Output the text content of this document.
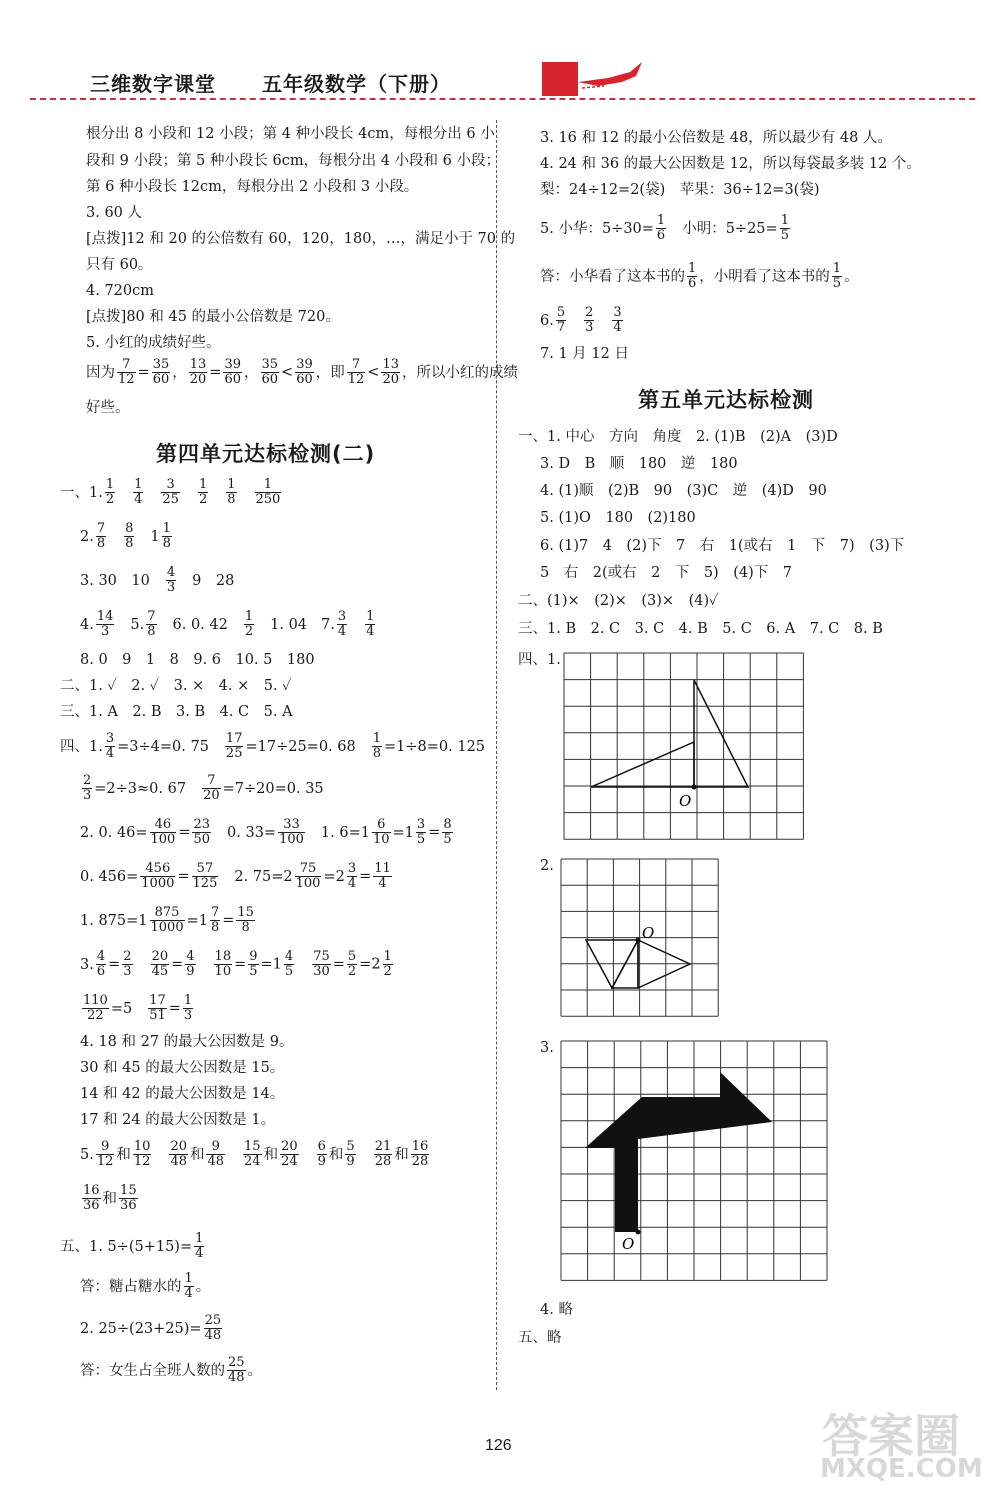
三维数字课堂 五年级数学（下册）
根分出 8 小段和 12 小段；第 4 种小段长 4cm，每根分出 6 小
段和 9 小段；第 5 种小段长 6cm，每根分出 4 小段和 6 小段；
第 6 种小段长 12cm，每根分出 2 小段和 3 小段。
3. 60 人
[点拨]12 和 20 的公倍数有 60，120，180，…，满足小于 70 的
只有 60。
4. 720cm
[点拨]80 和 45 的最小公倍数是 720。
5. 小红的成绩好些。
因为 $\frac{7}{12} = \frac{35}{60}$ ， $\frac{13}{20} = \frac{39}{60}$ ， $\frac{35}{60} < \frac{39}{60}$ ，即 $\frac{7}{12} < \frac{13}{20}$ ，所以小红的成绩
好些。
第四单元达标检测(二)
一、1. $\frac{1}{2} \frac{1}{4} \frac{3}{25} \frac{1}{2} \frac{1}{8} \frac{1}{250}$
2. $\frac{7}{8} \frac{8}{8} 1 \frac{1}{8}$
3. 30　$10 \frac{4}{3} 9$　28
4. $\frac{14}{3} 5$. $\frac{7}{8} 6$. 0. $42 \frac{1}{2} 1$. 04 7. $\frac{3}{4} \frac{1}{4}$
8. 0　9　1　8　9. 6　10. 5　180
二、1. ✓　2. ✓　3. ×　4. ×　5. ✓
三、1. A　2. B　3. B　4. C　5. A
四、1. $\frac{3}{4} =3\div 4=0$. $75 \frac{17}{25} =17\div 25=0$. $68 \frac{1}{8} =1\div 8=0$. 125
$\frac{2}{3} =2\div 3\approx 0$. $67 \frac{7}{20} =7\div 20=0$. 35
2. 0. $46= \frac{46}{100} = \frac{23}{50} 0$. $33= \frac{33}{100} 1$. $6=1 \frac{6}{10} =1 \frac{3}{5} = \frac{8}{5}$
0. $456= \frac{456}{1000} = \frac{57}{125} 2$. $75=2 \frac{75}{100} =2 \frac{3}{4} = \frac{11}{4}$
1. $875=1 \frac{875}{1000} =1 \frac{7}{8} = \frac{15}{8}$
3. $\frac{4}{6} = \frac{2}{3} \frac{20}{45} = \frac{4}{9} \frac{18}{10} = \frac{9}{5} =1 \frac{4}{5} \frac{75}{30} = \frac{5}{2} =2 \frac{1}{2}$
$\frac{110}{22} =5 \frac{17}{51} = \frac{1}{3}$
4. 18 和 27 的最大公因数是 9。
30 和 45 的最大公因数是 15。
14 和 42 的最大公因数是 14。
17 和 24 的最大公因数是 1。
5. $\frac{9}{12}$ 和 $\frac{10}{12} \frac{20}{48}$ 和 $\frac{9}{48} \frac{15}{24}$ 和 $\frac{20}{24} \frac{6}{9}$ 和 $\frac{5}{9} \frac{21}{28}$ 和 $\frac{16}{28}$
$\frac{16}{36}$ 和 $\frac{15}{36}$
五、1. $5\div(5+15)= \frac{1}{4}$
答：糖占糖水的 $\frac{1}{4}$ 。
2. $25\div(23+25)= \frac{25}{48}$
答：女生占全班人数的 $\frac{25}{48}$ 。
3. 16 和 12 的最小公倍数是 48，所以最少有 48 人。
4. 24 和 36 的最大公因数是 12，所以每袋最多装 12 个。
梨：24÷12=2(袋)　苹果：36÷12=3(袋)
5. 小华：$5\div 30= \frac{1}{6}$ 小明：$5\div 25= \frac{1}{5}$
答：小华看了这本书的 $\frac{1}{6}$ ，小明看了这本书的 $\frac{1}{5}$ 。
6. $\frac{5}{7} \frac{2}{3} \frac{3}{4}$
7. 1 月 12 日
第五单元达标检测
一、1. 中心　方向　角度　2. (1)B　(2)A　(3)D
3. D　B　顺　180　逆　180
4. (1)顺　(2)B　90　(3)C　逆　(4)D　90
5. (1)O　180　(2)180
6. (1)7　4　(2)下　7　右　1(或右　1　下　7)　(3)下
5　右　2(或右　2　下　5)　(4)下　7
二、(1)×　(2)×　(3)×　(4)✓
三、1. B　2. C　3. C　4. B　5. C　6. A　7. C　8. B
四、1.
O
2.
O
3.
O
4. 略
五、略
126	答案圈
MXQE.COM
